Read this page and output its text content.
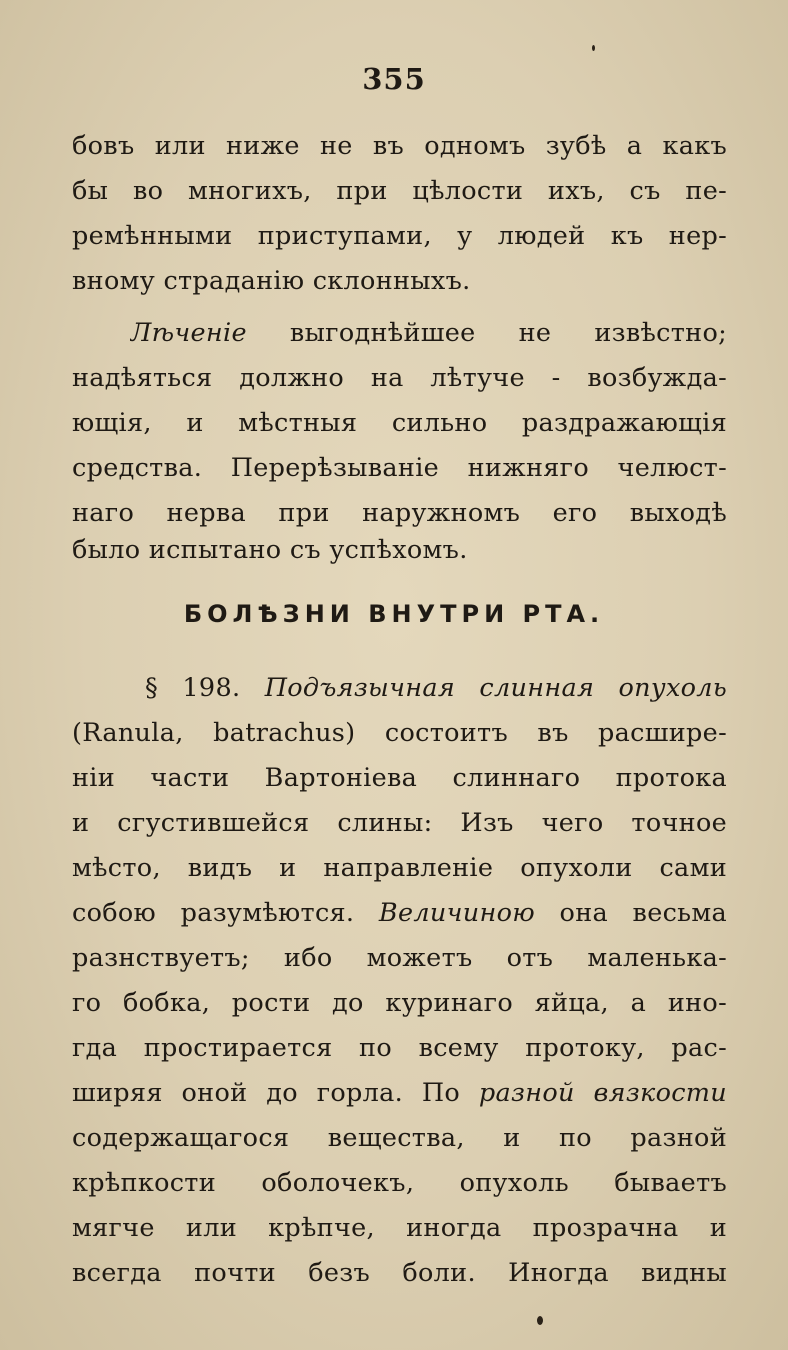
355
бовъ или ниже не въ одномъ зубѣ а какъ
бы во многихъ, при цѣлости ихъ, съ пе-
ремѣнными приступами, у людей къ нер-
вному страданію склонныхъ.
Лѣченіе выгоднѣйшее не извѣстно;
надѣяться должно на лѣтуче - возбужда-
ющія, и мѣстныя сильно раздражающія
средства. Перерѣзываніе нижняго челюст-
наго нерва при наружномъ его выходѣ
было испытано съ успѣхомъ.
БОЛѢЗНИ ВНУТРИ РТА.
§ 198. Подъязычная слинная опухоль
(Ranula, batrachus) состоитъ въ расшире-
ніи части Вартоніева слиннаго протока
и сгустившейся слины: Изъ чего точное
мѣсто, видъ и направленіе опухоли сами
собою разумѣются. Величиною она весьма
разнствуетъ; ибо можетъ отъ маленька-
го бобка, рости до куринаго яйца, а ино-
гда простирается по всему протоку, рас-
ширяя оной до горла. По разной вязкости
содержащагося вещества, и по разной
крѣпкости оболочекъ, опухоль бываетъ
мягче или крѣпче, иногда прозрачна и
всегда почти безъ боли. Иногда видны
